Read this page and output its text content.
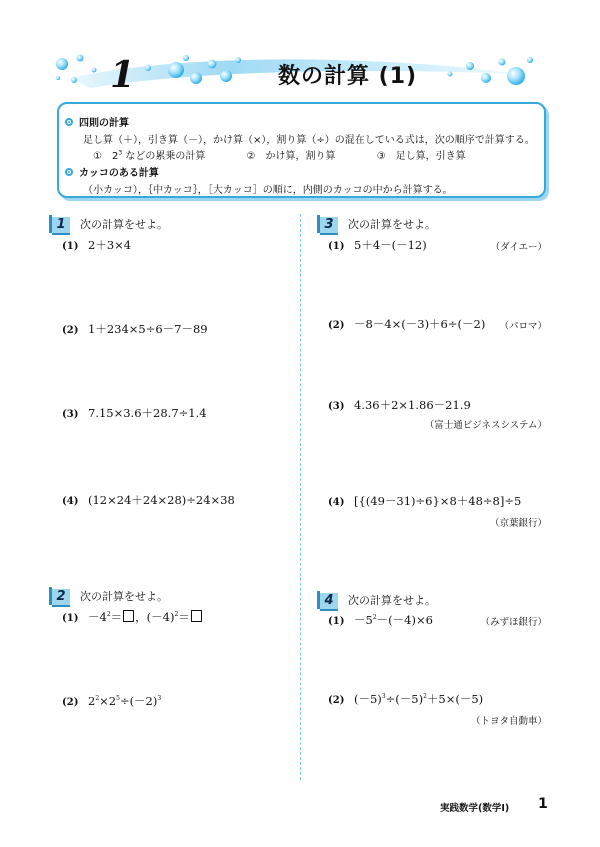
1	数の計算 (1)
四則の計算
足し算（＋），引き算（－），かけ算（×），割り算（÷）の混在している式は，次の順序で計算する。
①　 $2^3$ などの累乗の計算	②　 かけ算，割り算	③　 足し算，引き算
カッコのある計算
（小カッコ），｛中カッコ｝，［大カッコ］の順に，内側のカッコの中から計算する。
1 次の計算をせよ。
(1) 2＋3×4
(2) 1＋234×5÷6－7－89
(3) 7.15×3.6＋28.7÷1.4
(4) (12×24＋24×28)÷24×38
2 次の計算をせよ。
$(1) -4^2=$ ，$(-4)^2=$
(2) $2^2\times 2^5\div(-2)^3$
3 次の計算をせよ。
(1) 5＋4－(－12)	（ダイエー）
(2) －8－4×(－3)＋6÷(－2) （パロマ）
(3) 4.36＋2×1.86－21.9
（富士通ビジネスシステム）
(4) [{(49－31)÷6}×8＋48÷8]÷5
（京葉銀行）
4 次の計算をせよ。
$(1) -5^2-(-4)\times 6$	（みずほ銀行）
(2) $(-5)^3\div(-5)^2+5\times(-5)$
（トヨタ自動車）
実践数学(数学Ⅰ) 1
